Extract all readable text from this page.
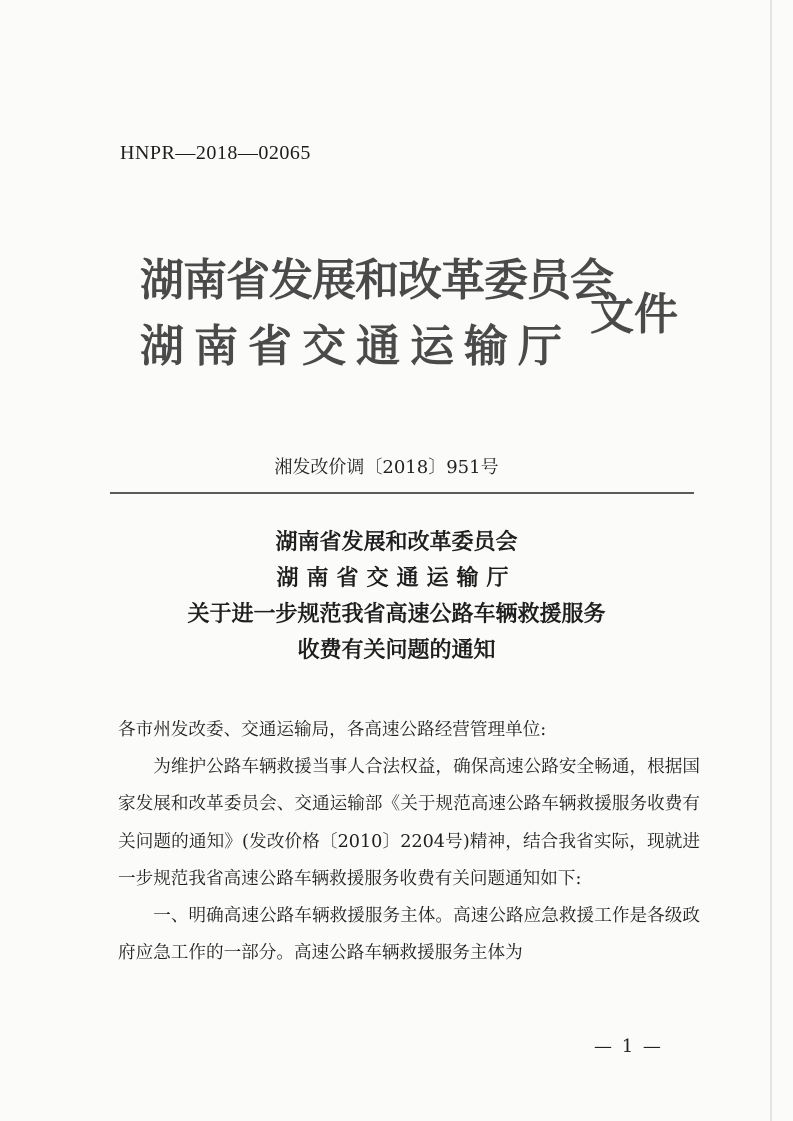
HNPR—2018—02065
湖南省发展和改革委员会
湖南省交通运输厅
文件
湘发改价调〔2018〕951号
湖南省发展和改革委员会
湖南省交通运输厅
关于进一步规范我省高速公路车辆救援服务
收费有关问题的通知

各市州发改委、交通运输局，各高速公路经营管理单位:

为维护公路车辆救援当事人合法权益，确保高速公路安全畅通，根据国家发展和改革委员会、交通运输部《关于规范高速公路车辆救援服务收费有关问题的通知》(发改价格〔2010〕2204号)精神，结合我省实际，现就进一步规范我省高速公路车辆救援服务收费有关问题通知如下:

一、明确高速公路车辆救援服务主体。高速公路应急救援工作是各级政府应急工作的一部分。高速公路车辆救援服务主体为

— 1 —
